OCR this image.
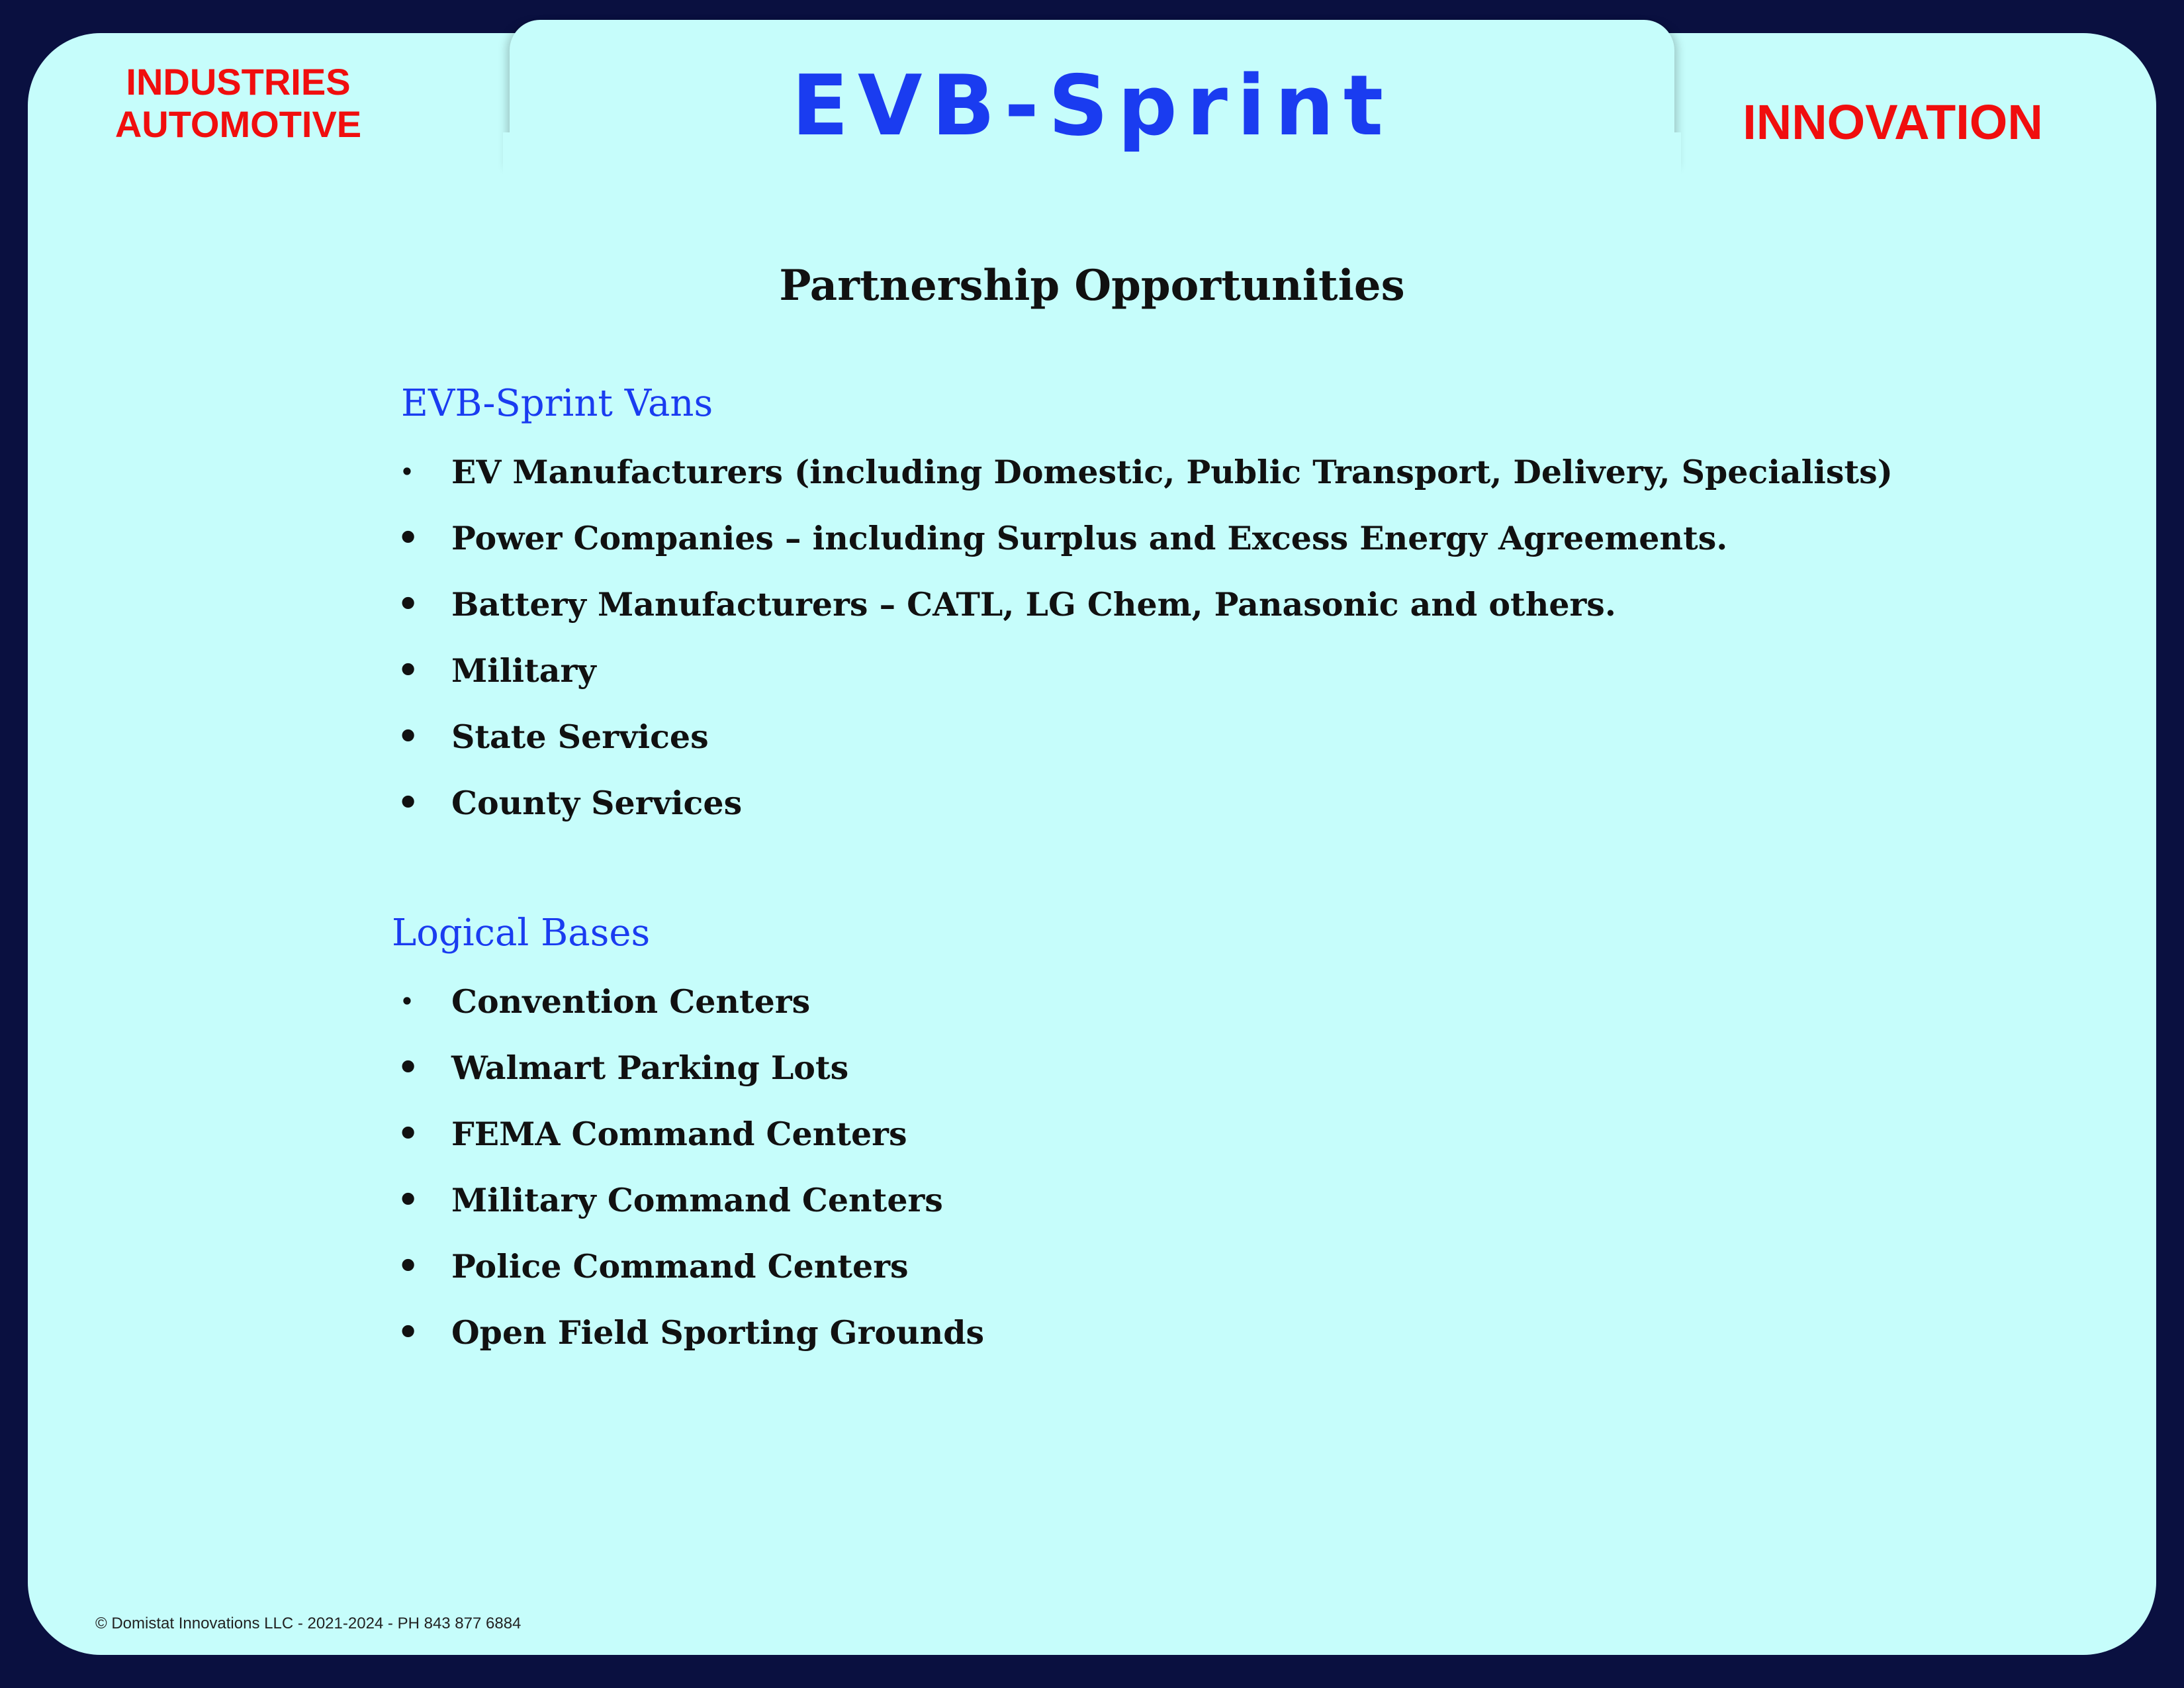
INDUSTRIES
AUTOMOTIVE	EVB-Sprint	INNOVATION
Partnership Opportunities
EVB-Sprint Vans
• EV Manufacturers (including Domestic, Public Transport, Delivery, Specialists)
• Power Companies – including Surplus and Excess Energy Agreements.
• Battery Manufacturers – CATL, LG Chem, Panasonic and others.
• Military
• State Services
• County Services
Logical Bases
• Convention Centers
• Walmart Parking Lots
• FEMA Command Centers
• Military Command Centers
• Police Command Centers
• Open Field Sporting Grounds
© Domistat Innovations LLC - 2021-2024 - PH 843 877 6884
